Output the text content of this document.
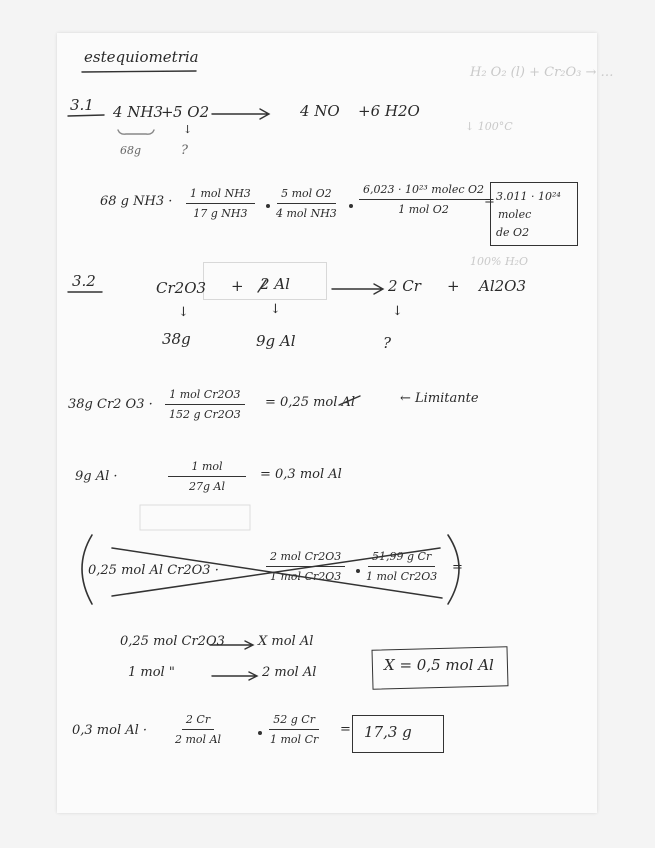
H₂ O₂ (l) + Cr₂O₃ → …
↓ 100°C
100% H₂O
estequiometria
3.1 4 NH3
+ 5 O2	4 NO +6 H2O
↓
68g	?
68 g NH3 ·
1 mol NH3
17 g NH3
5 mol O2
4 mol NH3
6,023 · 10²³ molec O2
1 mol O2
= 3.011 · 10²⁴
molec
de O2
3.2	Cr2O3 + 2 Al	2 Cr + Al2O3
↓	↓	↓
38g	9g Al	?
38g Cr2 O3 ·
1 mol Cr2O3
152 g Cr2O3
= 0,25 mol Al	← Limitante
9g Al ·
1 mol
27g Al
= 0,3 mol Al
0,25 mol Al Cr2O3 ·
2 mol Cr2O3
1 mol Cr2O3
51,99 g Cr
1 mol Cr2O3
=
0,25 mol Cr2O3	X mol Al
1 mol "	2 mol Al	X = 0,5 mol Al
0,3 mol Al ·
2 Cr
2 mol Al
52 g Cr
1 mol Cr
= 17,3 g
